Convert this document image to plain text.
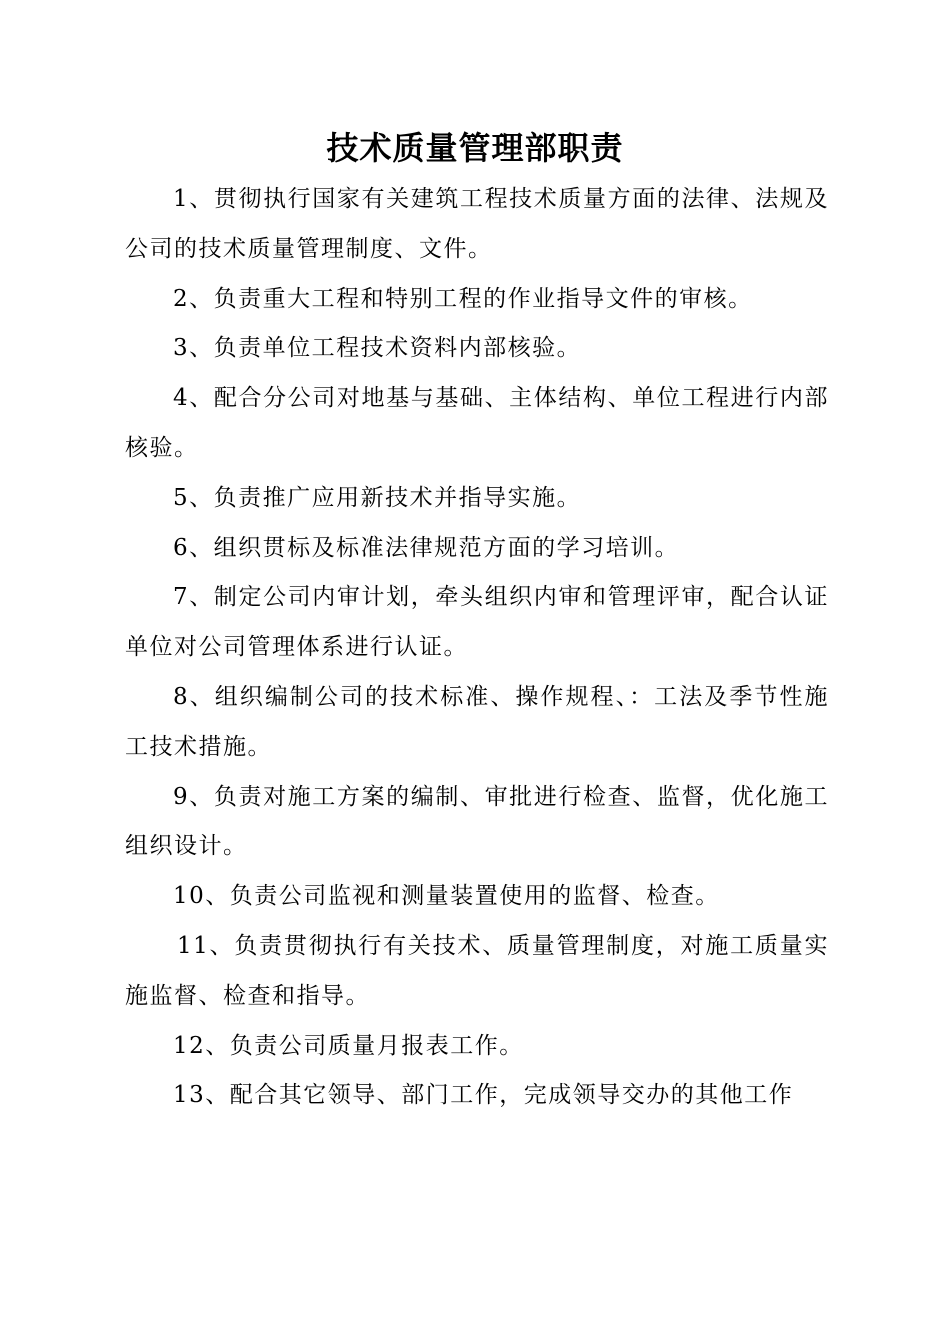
技术质量管理部职责

1、贯彻执行国家有关建筑工程技术质量方面的法律、法规及公司的技术质量管理制度、文件。

2、负责重大工程和特别工程的作业指导文件的审核。

3、负责单位工程技术资料内部核验。

4、配合分公司对地基与基础、主体结构、单位工程进行内部核验。

5、负责推广应用新技术并指导实施。

6、组织贯标及标准法律规范方面的学习培训。

7、制定公司内审计划，牵头组织内审和管理评审，配合认证单位对公司管理体系进行认证。

8、组织编制公司的技术标准、操作规程、：工法及季节性施工技术措施。

9、负责对施工方案的编制、审批进行检查、监督，优化施工组织设计。

10、负责公司监视和测量装置使用的监督、检查。

11、负责贯彻执行有关技术、质量管理制度，对施工质量实施监督、检查和指导。

12、负责公司质量月报表工作。

13、配合其它领导、部门工作，完成领导交办的其他工作
